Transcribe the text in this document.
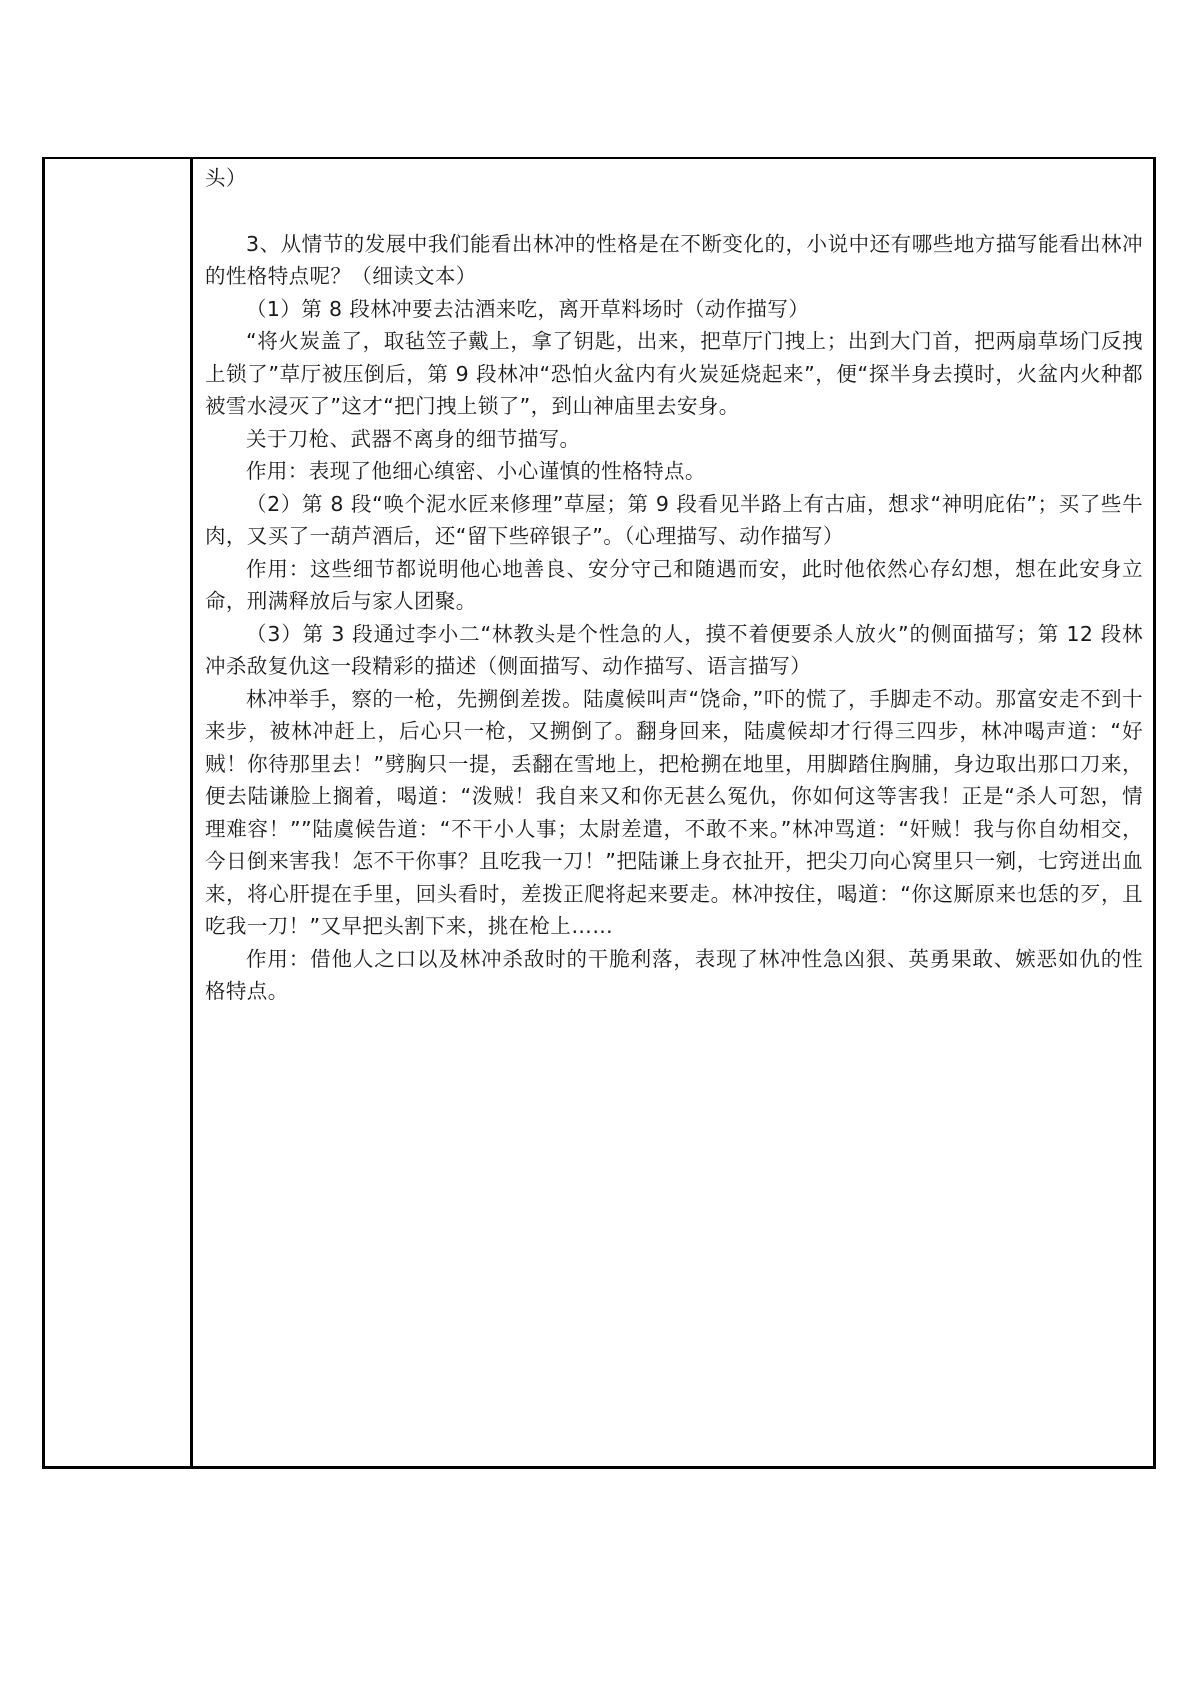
头）

3、从情节的发展中我们能看出林冲的性格是在不断变化的，小说中还有哪些地方描写能看出林冲的性格特点呢？（细读文本）

（1）第 8 段林冲要去沽酒来吃，离开草料场时（动作描写）

“将火炭盖了，取毡笠子戴上，拿了钥匙，出来，把草厅门拽上；出到大门首，把两扇草场门反拽上锁了”草厅被压倒后，第 9 段林冲“恐怕火盆内有火炭延烧起来”，便“探半身去摸时，火盆内火种都被雪水浸灭了”这才“把门拽上锁了”，到山神庙里去安身。

关于刀枪、武器不离身的细节描写。

作用：表现了他细心缜密、小心谨慎的性格特点。

（2）第 8 段“唤个泥水匠来修理”草屋；第 9 段看见半路上有古庙，想求“神明庇佑”；买了些牛肉，又买了一葫芦酒后，还“留下些碎银子”。（心理描写、动作描写）

作用：这些细节都说明他心地善良、安分守己和随遇而安，此时他依然心存幻想，想在此安身立命，刑满释放后与家人团聚。

（3）第 3 段通过李小二“林教头是个性急的人，摸不着便要杀人放火”的侧面描写；第 12 段林冲杀敌复仇这一段精彩的描述（侧面描写、动作描写、语言描写）

林冲举手，察的一枪，先搠倒差拨。陆虞候叫声“饶命，”吓的慌了，手脚走不动。那富安走不到十来步，被林冲赶上，后心只一枪，又搠倒了。翻身回来，陆虞候却才行得三四步，林冲喝声道：“好贼！你待那里去！”劈胸只一提，丢翻在雪地上，把枪搠在地里，用脚踏住胸脯，身边取出那口刀来，便去陆谦脸上搁着，喝道：“泼贼！我自来又和你无甚么冤仇，你如何这等害我！正是“杀人可恕，情理难容！””陆虞候告道：“不干小人事；太尉差遣，不敢不来。”林冲骂道：“奸贼！我与你自幼相交，今日倒来害我！怎不干你事？且吃我一刀！”把陆谦上身衣扯开，把尖刀向心窝里只一剜，七窍迸出血来，将心肝提在手里，回头看时，差拨正爬将起来要走。林冲按住，喝道：“你这厮原来也恁的歹，且吃我一刀！”又早把头割下来，挑在枪上……

作用：借他人之口以及林冲杀敌时的干脆利落，表现了林冲性急凶狠、英勇果敢、嫉恶如仇的性格特点。
